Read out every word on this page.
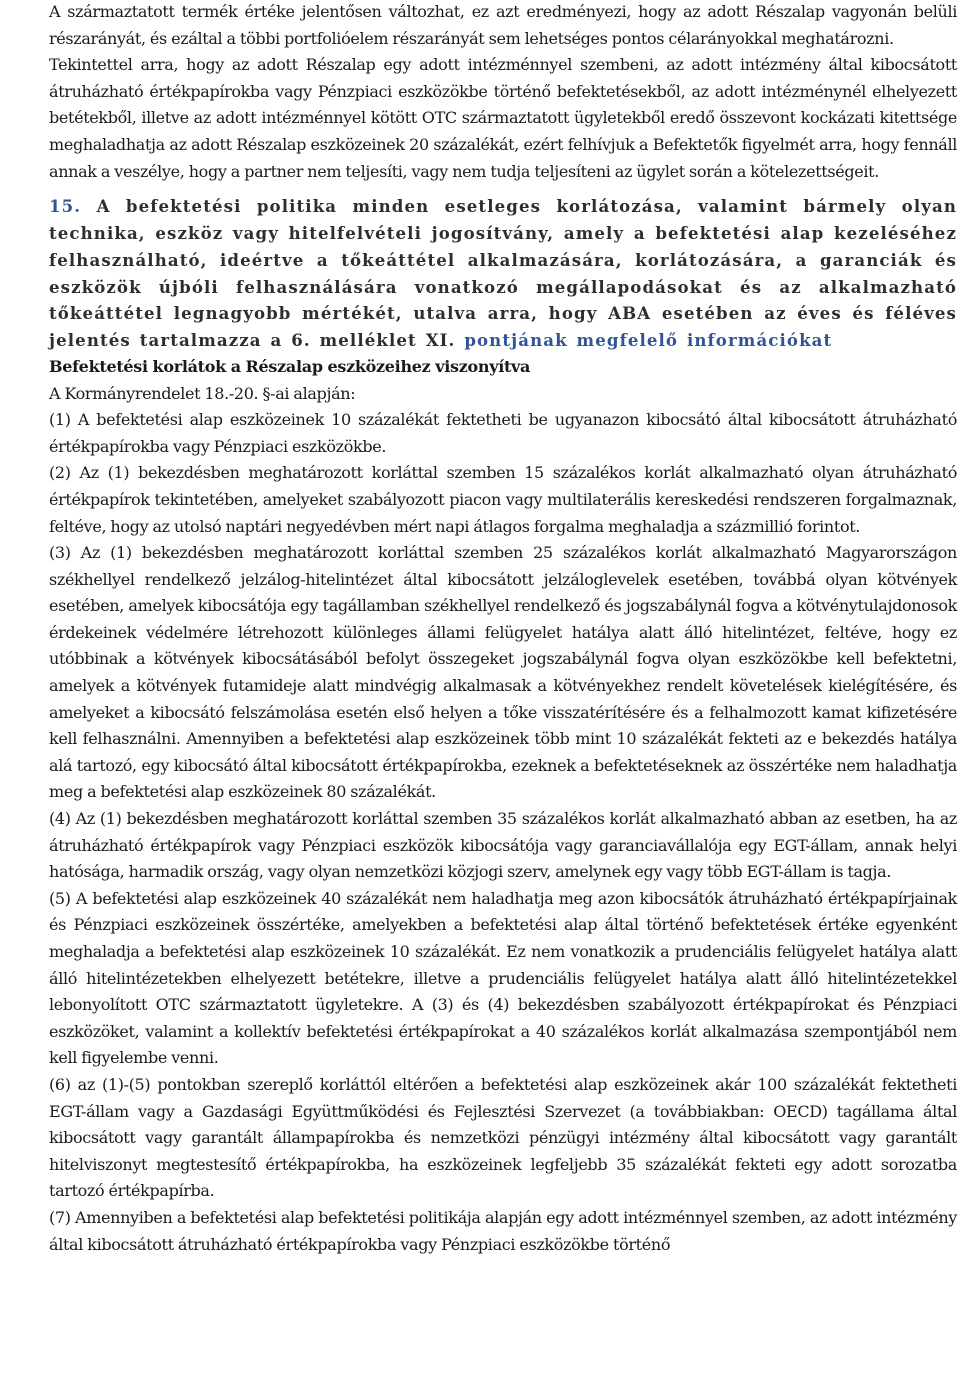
A származtatott termék értéke jelentősen változhat, ez azt eredményezi, hogy az adott Részalap vagyonán belüli részarányát, és ezáltal a többi portfolióelem részarányát sem lehetséges pontos célarányokkal meghatározni.

Tekintettel arra, hogy az adott Részalap egy adott intézménnyel szembeni, az adott intézmény által kibocsátott átruházható értékpapírokba vagy Pénzpiaci eszközökbe történő befektetésekből, az adott intézménynél elhelyezett betétekből, illetve az adott intézménnyel kötött OTC származtatott ügyletekből eredő összevont kockázati kitettsége meghaladhatja az adott Részalap eszközeinek 20 százalékát, ezért felhívjuk a Befektetők figyelmét arra, hogy fennáll annak a veszélye, hogy a partner nem teljesíti, vagy nem tudja teljesíteni az ügylet során a kötelezettségeit.

15. A befektetési politika minden esetleges korlátozása, valamint bármely olyan technika, eszköz vagy hitelfelvételi jogosítvány, amely a befektetési alap kezeléséhez felhasználható, ideértve a tőkeáttétel alkalmazására, korlátozására, a garanciák és eszközök újbóli felhasználására vonatkozó megállapodásokat és az alkalmazható tőkeáttétel legnagyobb mértékét, utalva arra, hogy ABA esetében az éves és féléves jelentés tartalmazza a 6. melléklet XI. pontjának megfelelő információkat

Befektetési korlátok a Részalap eszközeihez viszonyítva

A Kormányrendelet 18.-20. §-ai alapján:

(1) A befektetési alap eszközeinek 10 százalékát fektetheti be ugyanazon kibocsátó által kibocsátott átruházható értékpapírokba vagy Pénzpiaci eszközökbe.

(2) Az (1) bekezdésben meghatározott korláttal szemben 15 százalékos korlát alkalmazható olyan átruházható értékpapírok tekintetében, amelyeket szabályozott piacon vagy multilaterális kereskedési rendszeren forgalmaznak, feltéve, hogy az utolsó naptári negyedévben mért napi átlagos forgalma meghaladja a százmillió forintot.

(3) Az (1) bekezdésben meghatározott korláttal szemben 25 százalékos korlát alkalmazható Magyarországon székhellyel rendelkező jelzálog-hitelintézet által kibocsátott jelzáloglevelek esetében, továbbá olyan kötvények esetében, amelyek kibocsátója egy tagállamban székhellyel rendelkező és jogszabálynál fogva a kötvénytulajdonosok érdekeinek védelmére létrehozott különleges állami felügyelet hatálya alatt álló hitelintézet, feltéve, hogy ez utóbbinak a kötvények kibocsátásából befolyt összegeket jogszabálynál fogva olyan eszközökbe kell befektetni, amelyek a kötvények futamideje alatt mindvégig alkalmasak a kötvényekhez rendelt követelések kielégítésére, és amelyeket a kibocsátó felszámolása esetén első helyen a tőke visszatérítésére és a felhalmozott kamat kifizetésére kell felhasználni. Amennyiben a befektetési alap eszközeinek több mint 10 százalékát fekteti az e bekezdés hatálya alá tartozó, egy kibocsátó által kibocsátott értékpapírokba, ezeknek a befektetéseknek az összértéke nem haladhatja meg a befektetési alap eszközeinek 80 százalékát.

(4) Az (1) bekezdésben meghatározott korláttal szemben 35 százalékos korlát alkalmazható abban az esetben, ha az átruházható értékpapírok vagy Pénzpiaci eszközök kibocsátója vagy garanciavállalója egy EGT-állam, annak helyi hatósága, harmadik ország, vagy olyan nemzetközi közjogi szerv, amelynek egy vagy több EGT-állam is tagja.

(5) A befektetési alap eszközeinek 40 százalékát nem haladhatja meg azon kibocsátók átruházható értékpapírjainak és Pénzpiaci eszközeinek összértéke, amelyekben a befektetési alap által történő befektetések értéke egyenként meghaladja a befektetési alap eszközeinek 10 százalékát. Ez nem vonatkozik a prudenciális felügyelet hatálya alatt álló hitelintézetekben elhelyezett betétekre, illetve a prudenciális felügyelet hatálya alatt álló hitelintézetekkel lebonyolított OTC származtatott ügyletekre. A (3) és (4) bekezdésben szabályozott értékpapírokat és Pénzpiaci eszközöket, valamint a kollektív befektetési értékpapírokat a 40 százalékos korlát alkalmazása szempontjából nem kell figyelembe venni.

(6) az (1)-(5) pontokban szereplő korláttól eltérően a befektetési alap eszközeinek akár 100 százalékát fektetheti EGT-állam vagy a Gazdasági Együttműködési és Fejlesztési Szervezet (a továbbiakban: OECD) tagállama által kibocsátott vagy garantált állampapírokba és nemzetközi pénzügyi intézmény által kibocsátott vagy garantált hitelviszonyt megtestesítő értékpapírokba, ha eszközeinek legfeljebb 35 százalékát fekteti egy adott sorozatba tartozó értékpapírba.

(7) Amennyiben a befektetési alap befektetési politikája alapján egy adott intézménnyel szemben, az adott intézmény által kibocsátott átruházható értékpapírokba vagy Pénzpiaci eszközökbe történő
